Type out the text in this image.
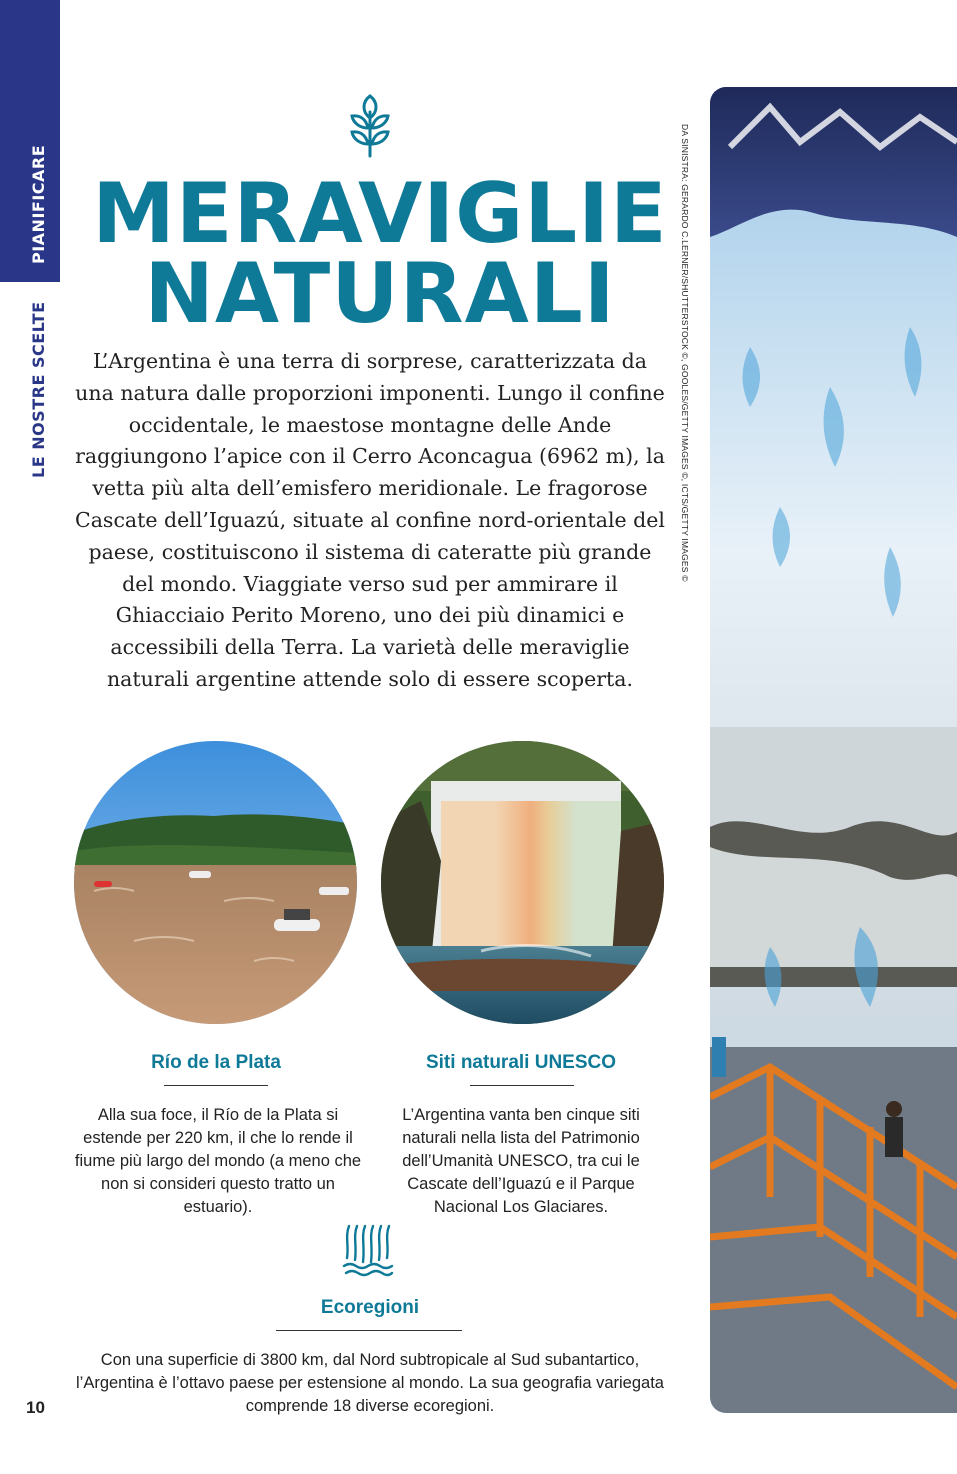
PIANIFICARE
LE NOSTRE SCELTE
MERAVIGLIE
NATURALI

L’Argentina è una terra di sorprese, caratterizzata da una natura dalle proporzioni imponenti. Lungo il confine occidentale, le maestose montagne delle Ande raggiungono l’apice con il Cerro Aconcagua (6962 m), la vetta più alta dell’emisfero meridionale. Le fragorose Cascate dell’Iguazú, situate al confine nord-orientale del paese, costituiscono il sistema di cateratte più grande del mondo. Viaggiate verso sud per ammirare il Ghiacciaio Perito Moreno, uno dei più dinamici e accessibili della Terra. La varietà delle meraviglie naturali argentine attende solo di essere scoperta.

Río de la Plata

Alla sua foce, il Río de la Plata si estende per 220 km, il che lo rende il fiume più largo del mondo (a meno che non si consideri questo tratto un estuario).

Siti naturali UNESCO

L’Argentina vanta ben cinque siti naturali nella lista del Patrimonio dell’Umanità UNESCO, tra cui le Cascate dell’Iguazú e il Parque Nacional Los Glaciares.

Ecoregioni

Con una superficie di 3800 km, dal Nord subtropicale al Sud subantartico, l’Argentina è l’ottavo paese per estensione al mondo. La sua geografia variegata comprende 18 diverse ecoregioni.

10
DA SINISTRA: GERARDO C.LERNER/SHUTTERSTOCK ©, GOOLES/GETTY IMAGES ©, ICTS/GETTY IMAGES ©
